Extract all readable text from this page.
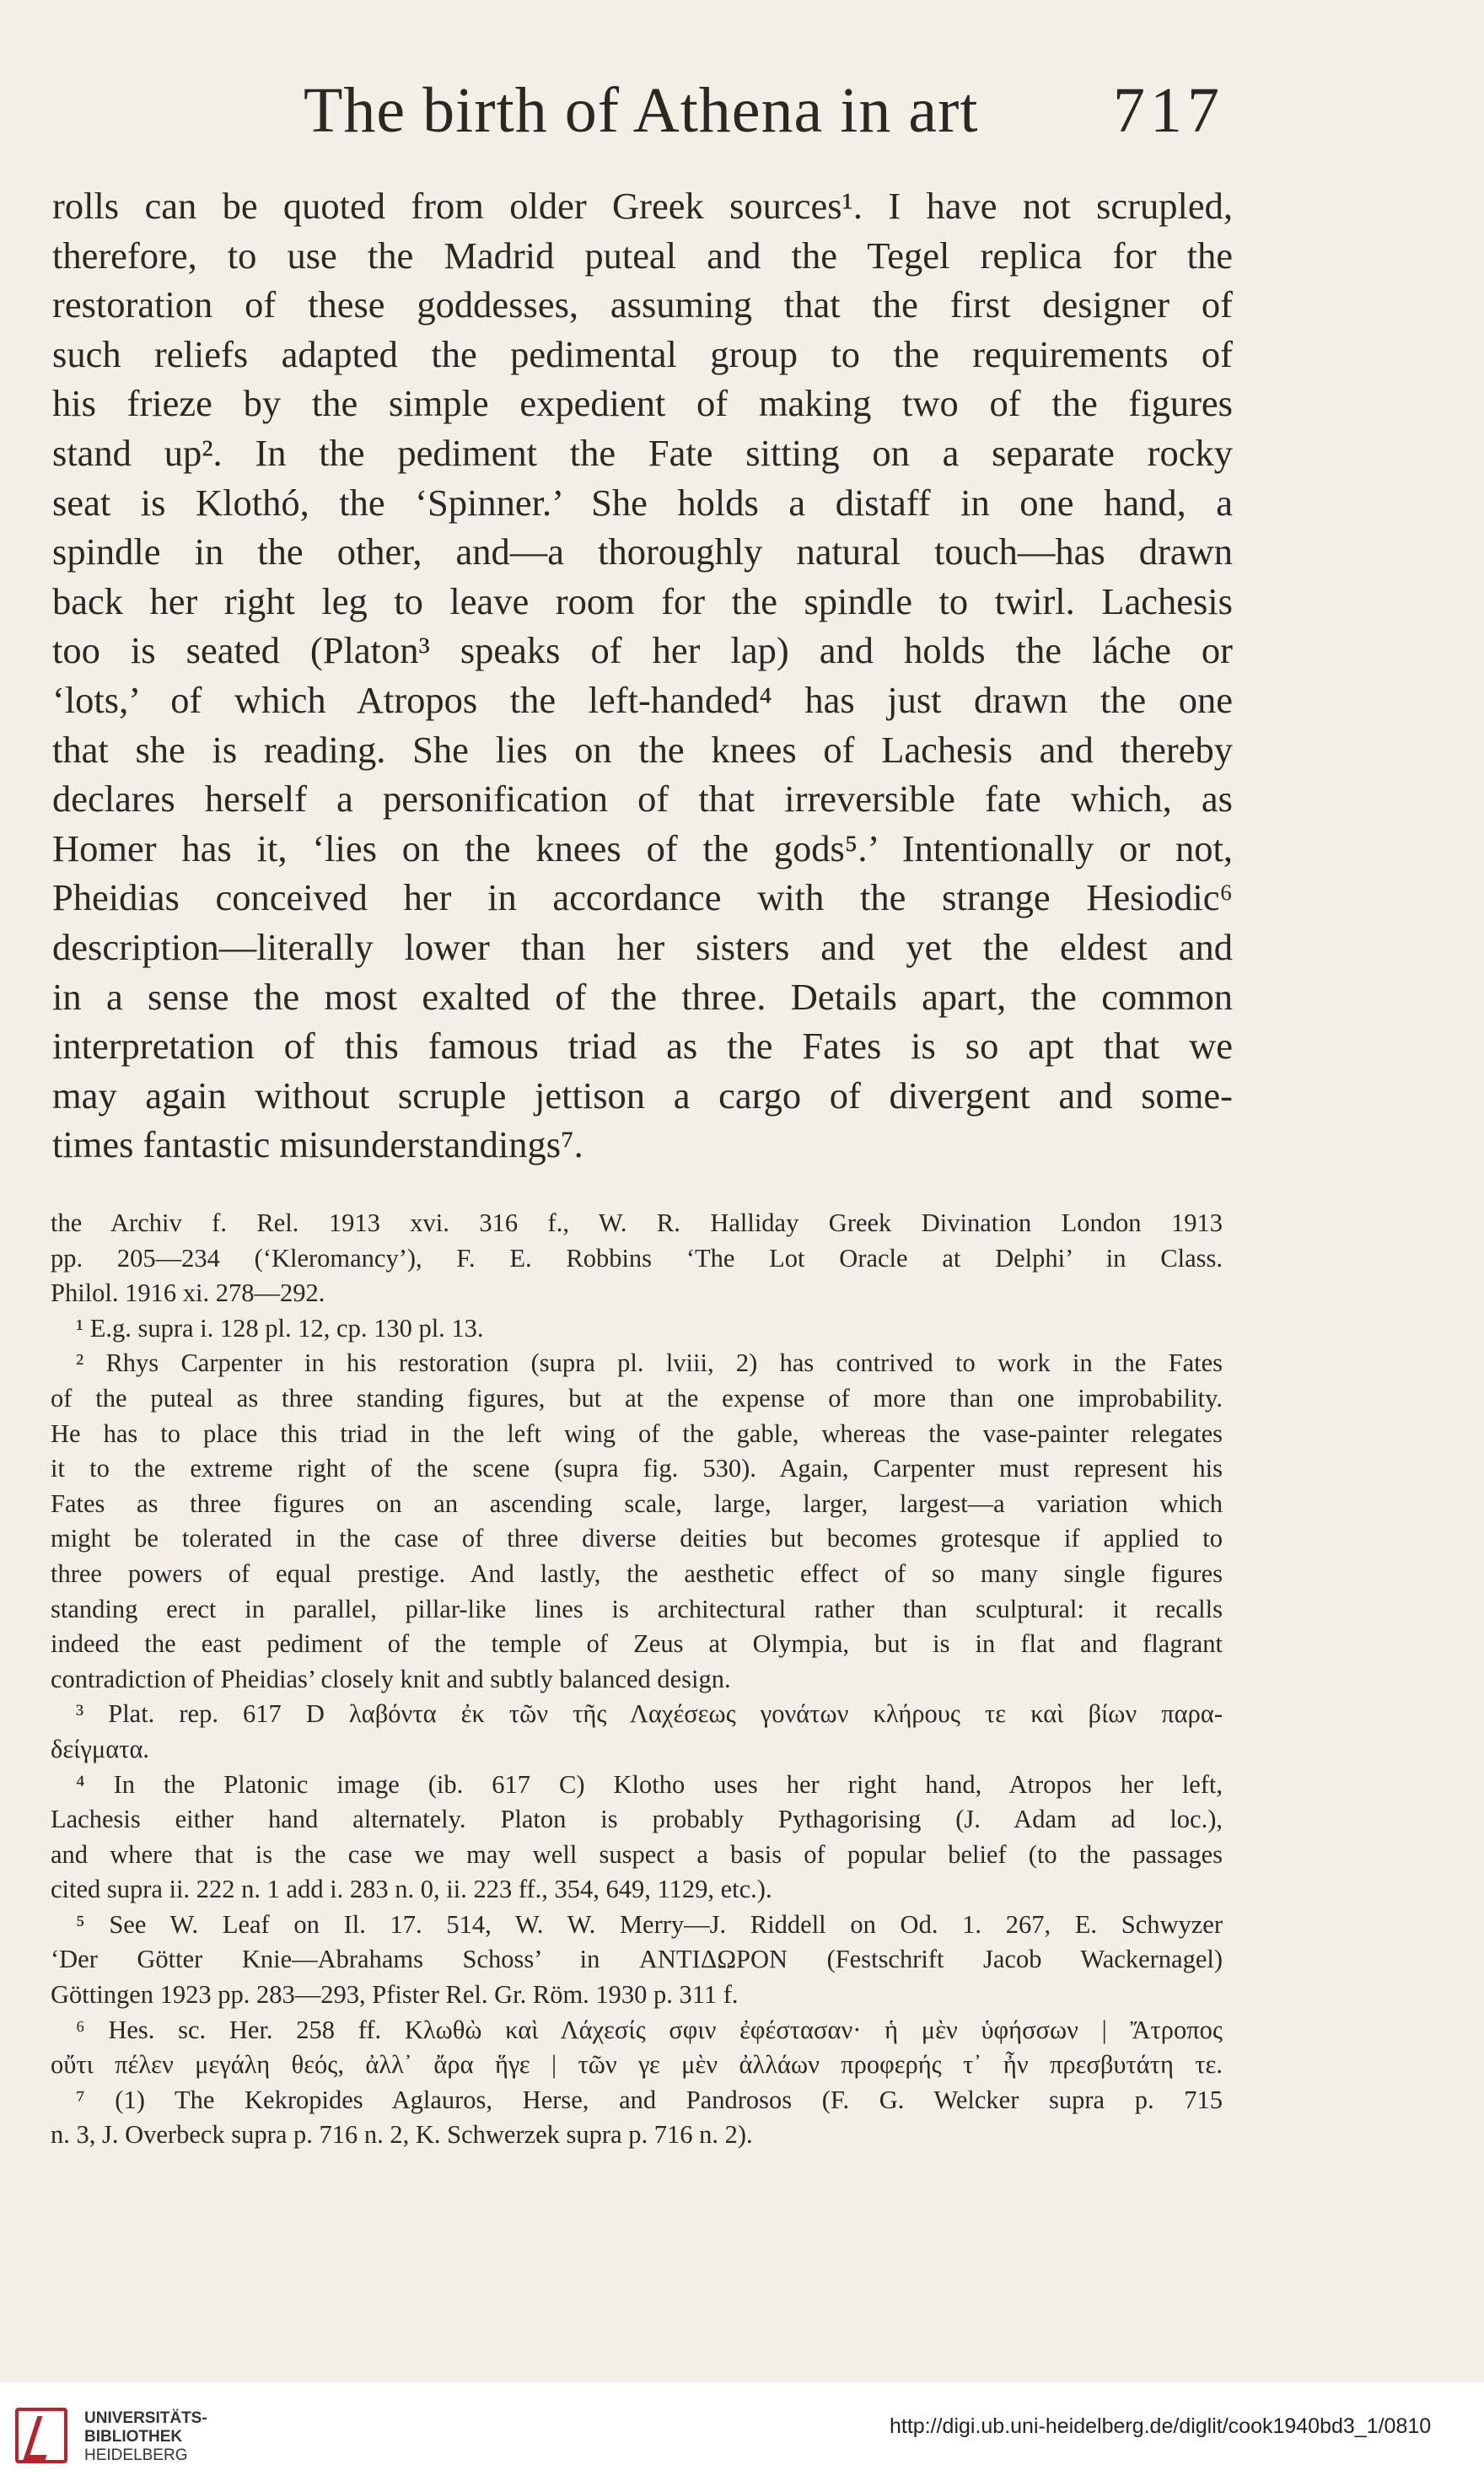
The birth of Athena in art 717
rolls can be quoted from older Greek sources¹. I have not scrupled,
therefore, to use the Madrid puteal and the Tegel replica for the
restoration of these goddesses, assuming that the first designer of
such reliefs adapted the pedimental group to the requirements of
his frieze by the simple expedient of making two of the figures
stand up². In the pediment the Fate sitting on a separate rocky
seat is Klothó, the ‘Spinner.’ She holds a distaff in one hand, a
spindle in the other, and—a thoroughly natural touch—has drawn
back her right leg to leave room for the spindle to twirl. Lachesis
too is seated (Platon³ speaks of her lap) and holds the láche or
‘lots,’ of which Atropos the left-handed⁴ has just drawn the one
that she is reading. She lies on the knees of Lachesis and thereby
declares herself a personification of that irreversible fate which, as
Homer has it, ‘lies on the knees of the gods⁵.’ Intentionally or not,
Pheidias conceived her in accordance with the strange Hesiodic⁶
description—literally lower than her sisters and yet the eldest and
in a sense the most exalted of the three. Details apart, the common
interpretation of this famous triad as the Fates is so apt that we
may again without scruple jettison a cargo of divergent and some-
times fantastic misunderstandings⁷.
the Archiv f. Rel. 1913 xvi. 316 f., W. R. Halliday Greek Divination London 1913
pp. 205—234 (‘Kleromancy’), F. E. Robbins ‘The Lot Oracle at Delphi’ in Class.
Philol. 1916 xi. 278—292.
¹ E.g. supra i. 128 pl. 12, cp. 130 pl. 13.
² Rhys Carpenter in his restoration (supra pl. lviii, 2) has contrived to work in the Fates
of the puteal as three standing figures, but at the expense of more than one improbability.
He has to place this triad in the left wing of the gable, whereas the vase-painter relegates
it to the extreme right of the scene (supra fig. 530). Again, Carpenter must represent his
Fates as three figures on an ascending scale, large, larger, largest—a variation which
might be tolerated in the case of three diverse deities but becomes grotesque if applied to
three powers of equal prestige. And lastly, the aesthetic effect of so many single figures
standing erect in parallel, pillar-like lines is architectural rather than sculptural: it recalls
indeed the east pediment of the temple of Zeus at Olympia, but is in flat and flagrant
contradiction of Pheidias’ closely knit and subtly balanced design.
³ Plat. rep. 617 D λαβόντα ἐκ τῶν τῆς Λαχέσεως γονάτων κλήρους τε καὶ βίων παρα-
δείγματα.
⁴ In the Platonic image (ib. 617 C) Klotho uses her right hand, Atropos her left,
Lachesis either hand alternately. Platon is probably Pythagorising (J. Adam ad loc.),
and where that is the case we may well suspect a basis of popular belief (to the passages
cited supra ii. 222 n. 1 add i. 283 n. 0, ii. 223 ff., 354, 649, 1129, etc.).
⁵ See W. Leaf on Il. 17. 514, W. W. Merry—J. Riddell on Od. 1. 267, E. Schwyzer
‘Der Götter Knie—Abrahams Schoss’ in ΑΝΤΙΔΩΡΟΝ (Festschrift Jacob Wackernagel)
Göttingen 1923 pp. 283—293, Pfister Rel. Gr. Röm. 1930 p. 311 f.
⁶ Hes. sc. Her. 258 ff. Κλωθὼ καὶ Λάχεσίς σφιν ἐφέστασαν· ἡ μὲν ὑφήσσων | Ἄτροπος
οὔτι πέλεν μεγάλη θεός, ἀλλ᾽ ἄρα ἥγε | τῶν γε μὲν ἀλλάων προφερής τ᾽ ἦν πρεσβυτάτη τε.
⁷ (1) The Kekropides Aglauros, Herse, and Pandrosos (F. G. Welcker supra p. 715
n. 3, J. Overbeck supra p. 716 n. 2, K. Schwerzek supra p. 716 n. 2).
UNIVERSITÄTS-
BIBLIOTHEK
HEIDELBERG
http://digi.ub.uni-heidelberg.de/diglit/cook1940bd3_1/0810
